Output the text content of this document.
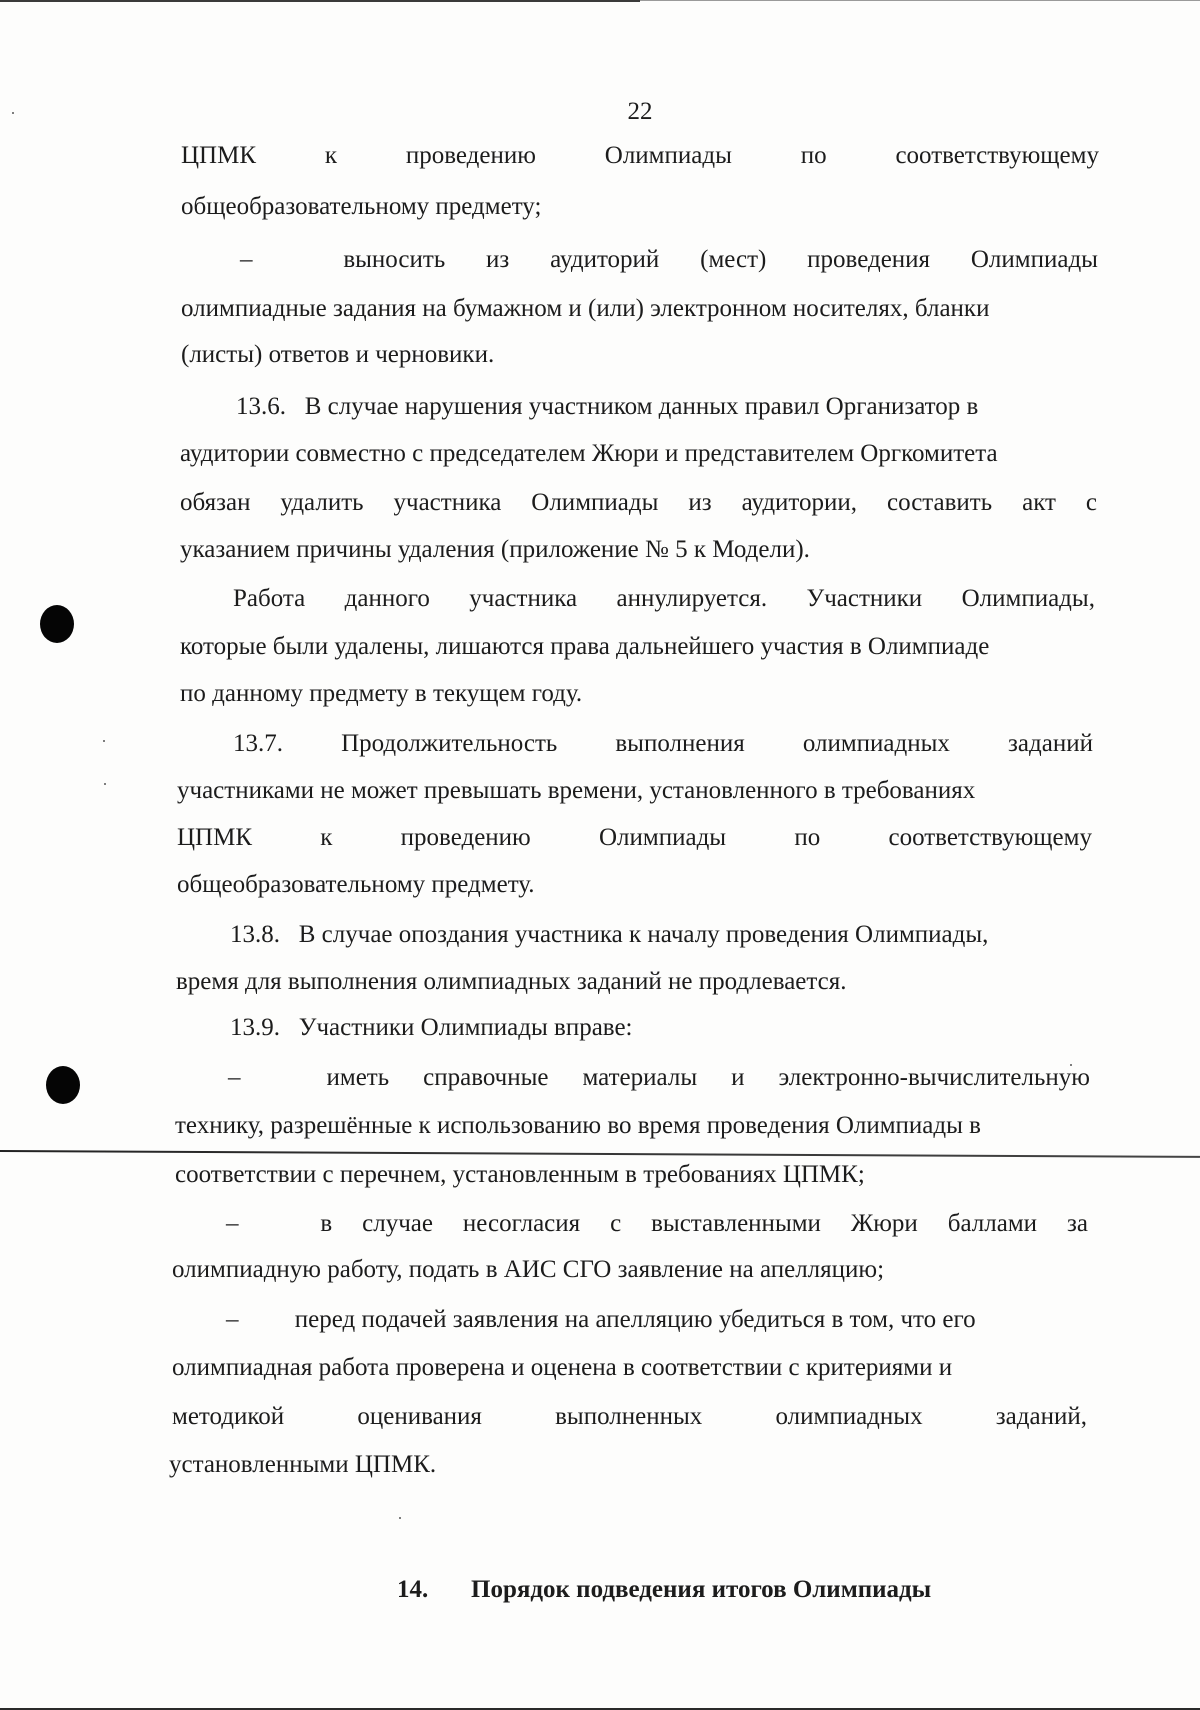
22
ЦПМК	к	проведению	Олимпиады	по	соответствующему
общеобразовательному предмету;
–	выносить из аудиторий (мест) проведения Олимпиады
олимпиадные задания на бумажном и (или) электронном носителях, бланки
(листы) ответов и черновики.
13.6.   В случае нарушения участником данных правил Организатор в
аудитории совместно с председателем Жюри и представителем Оргкомитета
обязан удалить участника Олимпиады из аудитории, составить акт с
указанием причины удаления (приложение № 5 к Модели).
Работа данного участника аннулируется. Участники Олимпиады,
которые были удалены, лишаются права дальнейшего участия в Олимпиаде
по данному предмету в текущем году.
13.7. Продолжительность выполнения олимпиадных заданий
участниками не может превышать времени, установленного в требованиях
ЦПМК	к	проведению	Олимпиады	по	соответствующему
общеобразовательному предмету.
13.8.   В случае опоздания участника к началу проведения Олимпиады,
время для выполнения олимпиадных заданий не продлевается.
13.9.   Участники Олимпиады вправе:
–	иметь справочные материалы и электронно-вычислительную
технику, разрешённые к использованию во время проведения Олимпиады в
соответствии с перечнем, установленным в требованиях ЦПМК;
–	в случае несогласия с выставленными Жюри баллами за
олимпиадную работу, подать в АИС СГО заявление на апелляцию;
–         перед подачей заявления на апелляцию убедиться в том, что его
олимпиадная работа проверена и оценена в соответствии с критериями и
методикой	оценивания	выполненных	олимпиадных	заданий,
установленными ЦПМК.
14. Порядок подведения итогов Олимпиады
